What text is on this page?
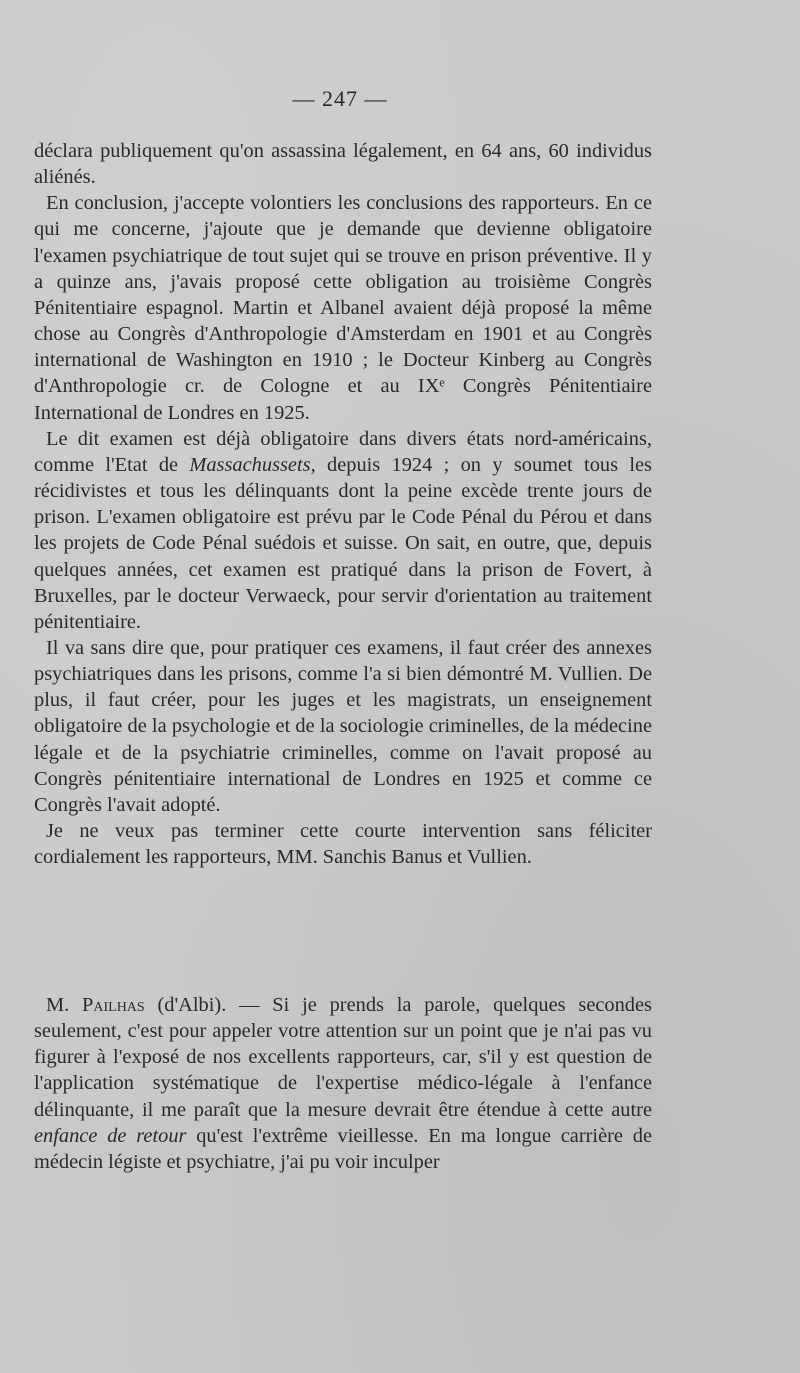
— 247 —

déclara publiquement qu'on assassina légalement, en 64 ans, 60 individus aliénés.

En conclusion, j'accepte volontiers les conclusions des rapporteurs. En ce qui me concerne, j'ajoute que je demande que devienne obligatoire l'examen psychiatrique de tout sujet qui se trouve en prison préventive. Il y a quinze ans, j'avais proposé cette obligation au troisième Congrès Pénitentiaire espagnol. Martin et Albanel avaient déjà proposé la même chose au Congrès d'Anthropologie d'Amsterdam en 1901 et au Congrès international de Washington en 1910 ; le Docteur Kinberg au Congrès d'Anthropologie cr. de Cologne et au IXᵉ Congrès Pénitentiaire International de Londres en 1925.

Le dit examen est déjà obligatoire dans divers états nord-américains, comme l'Etat de Massachussets, depuis 1924 ; on y soumet tous les récidivistes et tous les délinquants dont la peine excède trente jours de prison. L'examen obligatoire est prévu par le Code Pénal du Pérou et dans les projets de Code Pénal suédois et suisse. On sait, en outre, que, depuis quelques années, cet examen est pratiqué dans la prison de Fovert, à Bruxelles, par le docteur Verwaeck, pour servir d'orientation au traitement pénitentiaire.

Il va sans dire que, pour pratiquer ces examens, il faut créer des annexes psychiatriques dans les prisons, comme l'a si bien démontré M. Vullien. De plus, il faut créer, pour les juges et les magistrats, un enseignement obligatoire de la psychologie et de la sociologie criminelles, de la médecine légale et de la psychiatrie criminelles, comme on l'avait proposé au Congrès pénitentiaire international de Londres en 1925 et comme ce Congrès l'avait adopté.

Je ne veux pas terminer cette courte intervention sans féliciter cordialement les rapporteurs, MM. Sanchis Banus et Vullien.

M. Pailhas (d'Albi). — Si je prends la parole, quelques secondes seulement, c'est pour appeler votre attention sur un point que je n'ai pas vu figurer à l'exposé de nos excellents rapporteurs, car, s'il y est question de l'application systématique de l'expertise médico-légale à l'enfance délinquante, il me paraît que la mesure devrait être étendue à cette autre enfance de retour qu'est l'extrême vieillesse. En ma longue carrière de médecin légiste et psychiatre, j'ai pu voir inculper
